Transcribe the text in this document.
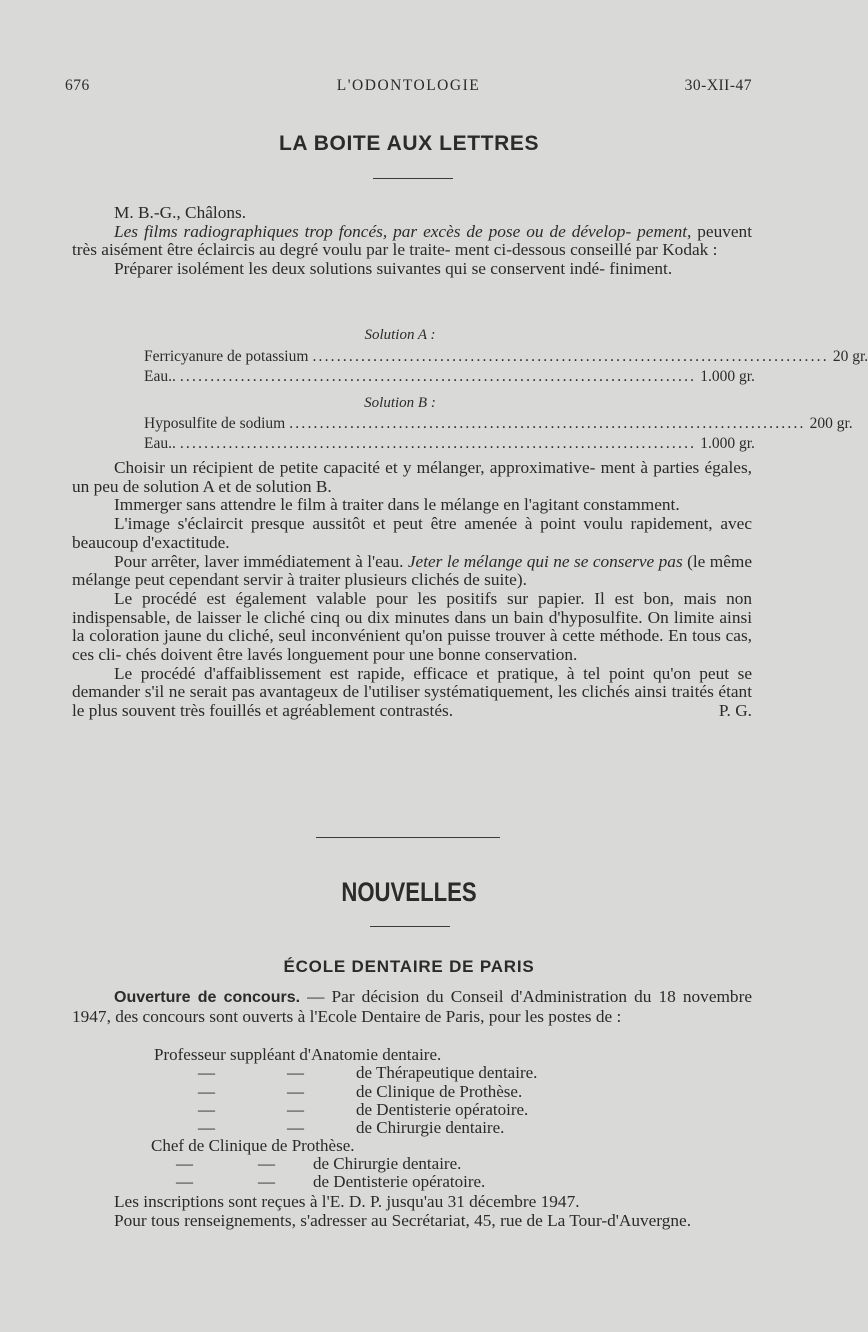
676	L'ODONTOLOGIE	30-XII-47
LA BOITE AUX LETTRES

M. B.-G., Châlons.

Les films radiographiques trop foncés, par excès de pose ou de dévelop- pement, peuvent très aisément être éclaircis au degré voulu par le traite- ment ci-dessous conseillé par Kodak :

Préparer isolément les deux solutions suivantes qui se conservent indé- finiment.

Solution A :
Ferricyanure de potassium ..................................................................................... 20 gr.
Eau.. ..................................................................................... 1.000 gr.
Solution B :
Hyposulfite de sodium ..................................................................................... 200 gr.
Eau.. ..................................................................................... 1.000 gr.

Choisir un récipient de petite capacité et y mélanger, approximative- ment à parties égales, un peu de solution A et de solution B.

Immerger sans attendre le film à traiter dans le mélange en l'agitant constamment.

L'image s'éclaircit presque aussitôt et peut être amenée à point voulu rapidement, avec beaucoup d'exactitude.

Pour arrêter, laver immédiatement à l'eau. Jeter le mélange qui ne se conserve pas (le même mélange peut cependant servir à traiter plusieurs clichés de suite).

Le procédé est également valable pour les positifs sur papier. Il est bon, mais non indispensable, de laisser le cliché cinq ou dix minutes dans un bain d'hyposulfite. On limite ainsi la coloration jaune du cliché, seul inconvénient qu'on puisse trouver à cette méthode. En tous cas, ces cli- chés doivent être lavés longuement pour une bonne conservation.

Le procédé d'affaiblissement est rapide, efficace et pratique, à tel point qu'on peut se demander s'il ne serait pas avantageux de l'utiliser systématiquement, les clichés ainsi traités étant le plus souvent très fouillés et agréablement contrastés.	P. G.

NOUVELLES
ÉCOLE DENTAIRE DE PARIS

Ouverture de concours. — Par décision du Conseil d'Administration du 18 novembre 1947, des concours sont ouverts à l'Ecole Dentaire de Paris, pour les postes de :

Professeur suppléant d'Anatomie dentaire.
—	—	de Thérapeutique dentaire.
—	—	de Clinique de Prothèse.
—	—	de Dentisterie opératoire.
—	—	de Chirurgie dentaire.
Chef de Clinique de Prothèse.
—	— de Chirurgie dentaire.
—	— de Dentisterie opératoire.

Les inscriptions sont reçues à l'E. D. P. jusqu'au 31 décembre 1947.

Pour tous renseignements, s'adresser au Secrétariat, 45, rue de La Tour-d'Auvergne.
